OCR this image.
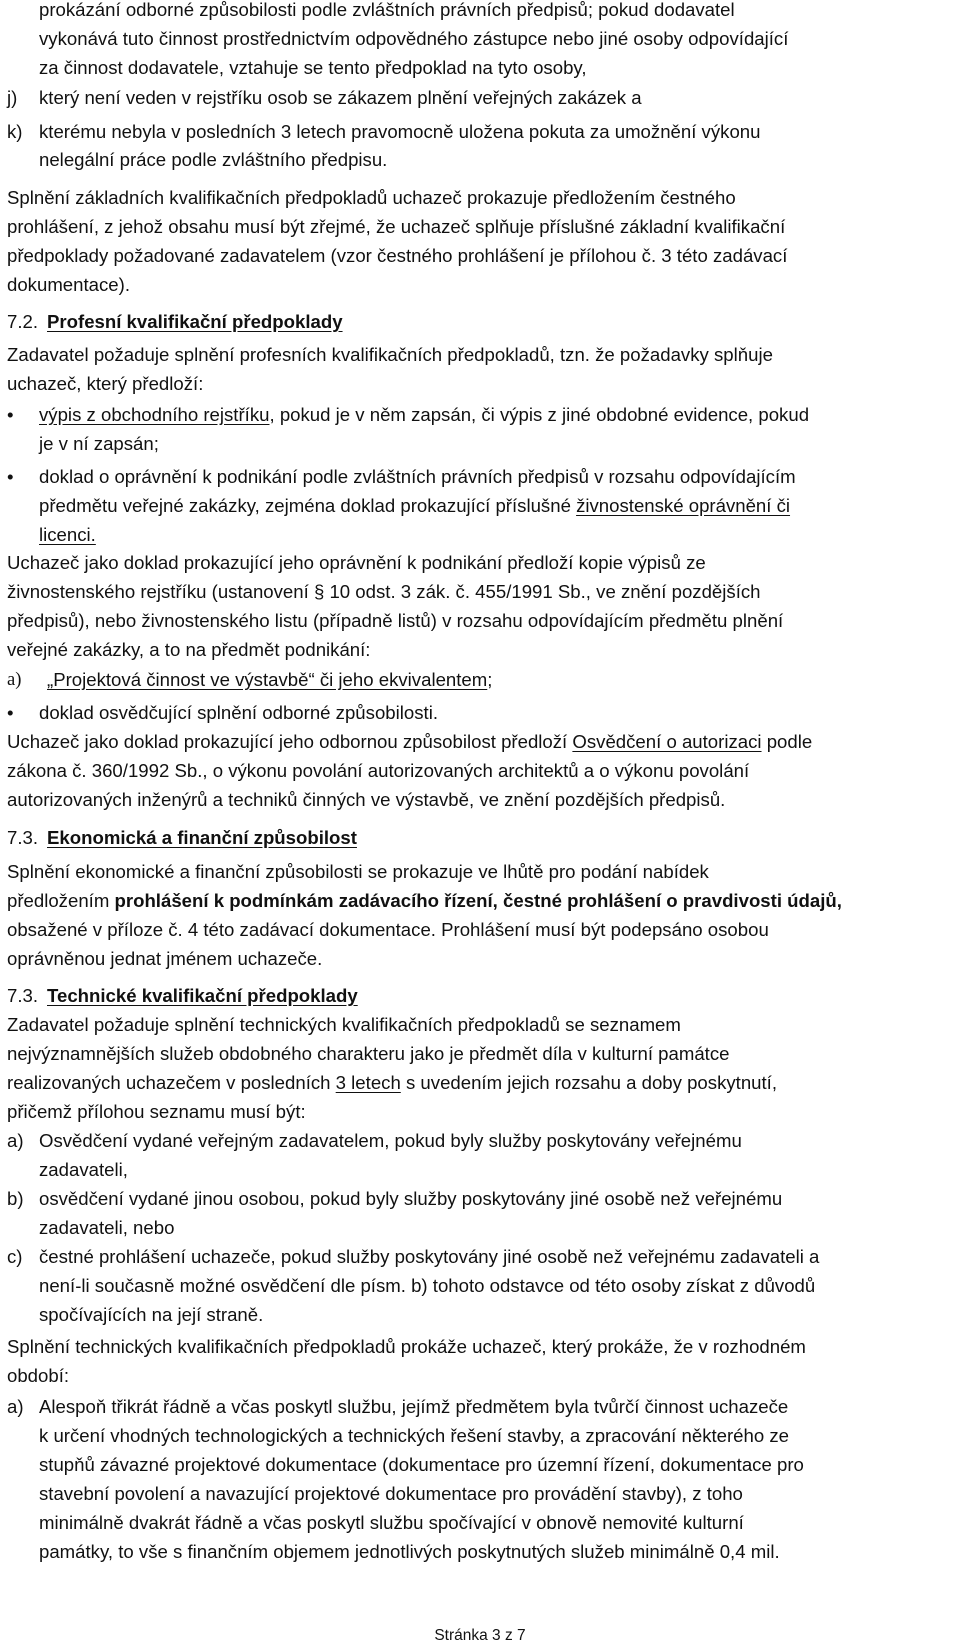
prokázání odborné způsobilosti podle zvláštních právních předpisů; pokud dodavatel
vykonává tuto činnost prostřednictvím odpovědného zástupce nebo jiné osoby odpovídající
za činnost dodavatele, vztahuje se tento předpoklad na tyto osoby,
j)	který není veden v rejstříku osob se zákazem plnění veřejných zakázek a
k) kterému nebyla v posledních 3 letech pravomocně uložena pokuta za umožnění výkonu
nelegální práce podle zvláštního předpisu.
Splnění základních kvalifikačních předpokladů uchazeč prokazuje předložením čestného
prohlášení, z jehož obsahu musí být zřejmé, že uchazeč splňuje příslušné základní kvalifikační
předpoklady požadované zadavatelem (vzor čestného prohlášení je přílohou č. 3 této zadávací
dokumentace).
7.2. Profesní kvalifikační předpoklady
Zadavatel požaduje splnění profesních kvalifikačních předpokladů, tzn. že požadavky splňuje
uchazeč, který předloží:
•	výpis z obchodního rejstříku, pokud je v něm zapsán, či výpis z jiné obdobné evidence, pokud
je v ní zapsán;
•	doklad o oprávnění k podnikání podle zvláštních právních předpisů v rozsahu odpovídajícím
předmětu veřejné zakázky, zejména doklad prokazující příslušné živnostenské oprávnění či
licenci.
Uchazeč jako doklad prokazující jeho oprávnění k podnikání předloží kopie výpisů ze
živnostenského rejstříku (ustanovení § 10 odst. 3 zák. č. 455/1991 Sb., ve znění pozdějších
předpisů), nebo živnostenského listu (případně listů) v rozsahu odpovídajícím předmětu plnění
veřejné zakázky, a to na předmět podnikání:
a)	„Projektová činnost ve výstavbě“ či jeho ekvivalentem;
•	doklad osvědčující splnění odborné způsobilosti.
Uchazeč jako doklad prokazující jeho odbornou způsobilost předloží Osvědčení o autorizaci podle
zákona č. 360/1992 Sb., o výkonu povolání autorizovaných architektů a o výkonu povolání
autorizovaných inženýrů a techniků činných ve výstavbě, ve znění pozdějších předpisů.
7.3. Ekonomická a finanční způsobilost
Splnění ekonomické a finanční způsobilosti se prokazuje ve lhůtě pro podání nabídek
předložením prohlášení k podmínkám zadávacího řízení, čestné prohlášení o pravdivosti údajů,
obsažené v příloze č. 4 této zadávací dokumentace. Prohlášení musí být podepsáno osobou
oprávněnou jednat jménem uchazeče.
7.3. Technické kvalifikační předpoklady
Zadavatel požaduje splnění technických kvalifikačních předpokladů se seznamem
nejvýznamnějších služeb obdobného charakteru jako je předmět díla v kulturní památce
realizovaných uchazečem v posledních 3 letech s uvedením jejich rozsahu a doby poskytnutí,
přičemž přílohou seznamu musí být:
a) Osvědčení vydané veřejným zadavatelem, pokud byly služby poskytovány veřejnému
zadavateli,
b) osvědčení vydané jinou osobou, pokud byly služby poskytovány jiné osobě než veřejnému
zadavateli, nebo
c) čestné prohlášení uchazeče, pokud služby poskytovány jiné osobě než veřejnému zadavateli a
není-li současně možné osvědčení dle písm. b) tohoto odstavce od této osoby získat z důvodů
spočívajících na její straně.
Splnění technických kvalifikačních předpokladů prokáže uchazeč, který prokáže, že v rozhodném
období:
a) Alespoň třikrát řádně a včas poskytl službu, jejímž předmětem byla tvůrčí činnost uchazeče
k určení vhodných technologických a technických řešení stavby, a zpracování některého ze
stupňů závazné projektové dokumentace (dokumentace pro územní řízení, dokumentace pro
stavební povolení a navazující projektové dokumentace pro provádění stavby), z toho
minimálně dvakrát řádně a včas poskytl službu spočívající v obnově nemovité kulturní
památky, to vše s finančním objemem jednotlivých poskytnutých služeb minimálně 0,4 mil.
Stránka 3 z 7
